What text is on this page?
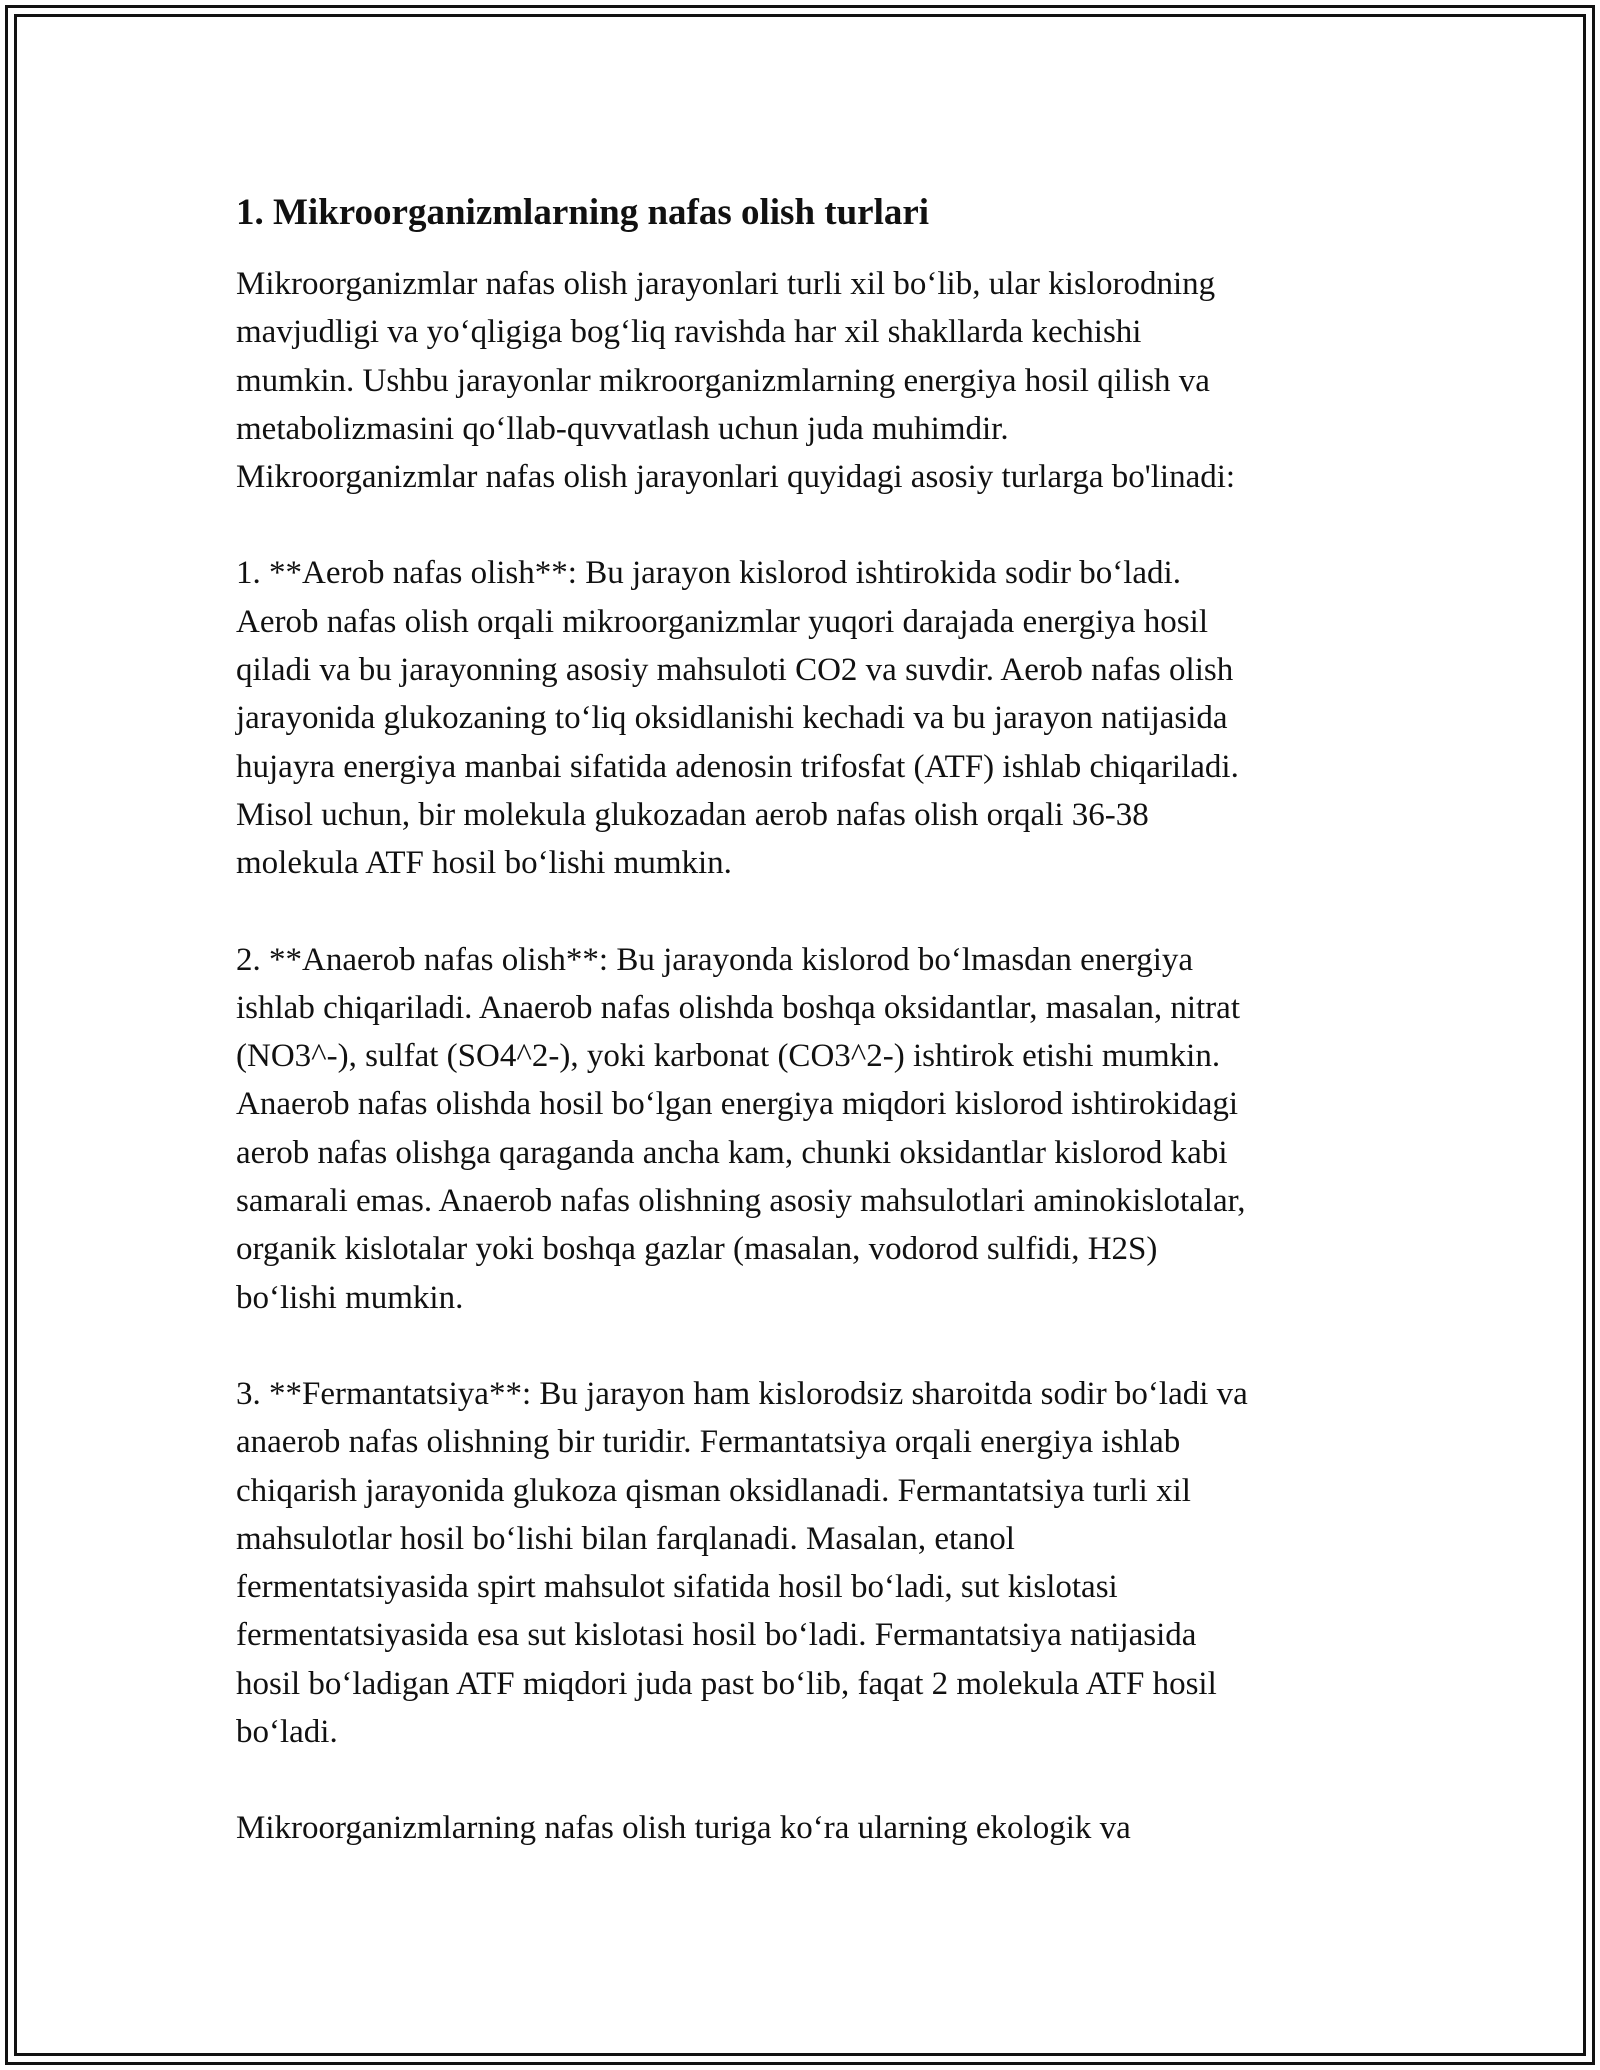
1. Mikroorganizmlarning nafas olish turlari

Mikroorganizmlar nafas olish jarayonlari turli xil bo‘lib, ular kislorodning
mavjudligi va yo‘qligiga bog‘liq ravishda har xil shakllarda kechishi
mumkin. Ushbu jarayonlar mikroorganizmlarning energiya hosil qilish va
metabolizmasini qo‘llab-quvvatlash uchun juda muhimdir.
Mikroorganizmlar nafas olish jarayonlari quyidagi asosiy turlarga bo'linadi:

1. **Aerob nafas olish**: Bu jarayon kislorod ishtirokida sodir bo‘ladi.
Aerob nafas olish orqali mikroorganizmlar yuqori darajada energiya hosil
qiladi va bu jarayonning asosiy mahsuloti CO2 va suvdir. Aerob nafas olish
jarayonida glukozaning to‘liq oksidlanishi kechadi va bu jarayon natijasida
hujayra energiya manbai sifatida adenosin trifosfat (ATF) ishlab chiqariladi.
Misol uchun, bir molekula glukozadan aerob nafas olish orqali 36-38
molekula ATF hosil bo‘lishi mumkin.

2. **Anaerob nafas olish**: Bu jarayonda kislorod bo‘lmasdan energiya
ishlab chiqariladi. Anaerob nafas olishda boshqa oksidantlar, masalan, nitrat
(NO3^-), sulfat (SO4^2-), yoki karbonat (CO3^2-) ishtirok etishi mumkin.
Anaerob nafas olishda hosil bo‘lgan energiya miqdori kislorod ishtirokidagi
aerob nafas olishga qaraganda ancha kam, chunki oksidantlar kislorod kabi
samarali emas. Anaerob nafas olishning asosiy mahsulotlari aminokislotalar,
organik kislotalar yoki boshqa gazlar (masalan, vodorod sulfidi, H2S)
bo‘lishi mumkin.

3. **Fermantatsiya**: Bu jarayon ham kislorodsiz sharoitda sodir bo‘ladi va
anaerob nafas olishning bir turidir. Fermantatsiya orqali energiya ishlab
chiqarish jarayonida glukoza qisman oksidlanadi. Fermantatsiya turli xil
mahsulotlar hosil bo‘lishi bilan farqlanadi. Masalan, etanol
fermentatsiyasida spirt mahsulot sifatida hosil bo‘ladi, sut kislotasi
fermentatsiyasida esa sut kislotasi hosil bo‘ladi. Fermantatsiya natijasida
hosil bo‘ladigan ATF miqdori juda past bo‘lib, faqat 2 molekula ATF hosil
bo‘ladi.

Mikroorganizmlarning nafas olish turiga ko‘ra ularning ekologik va
